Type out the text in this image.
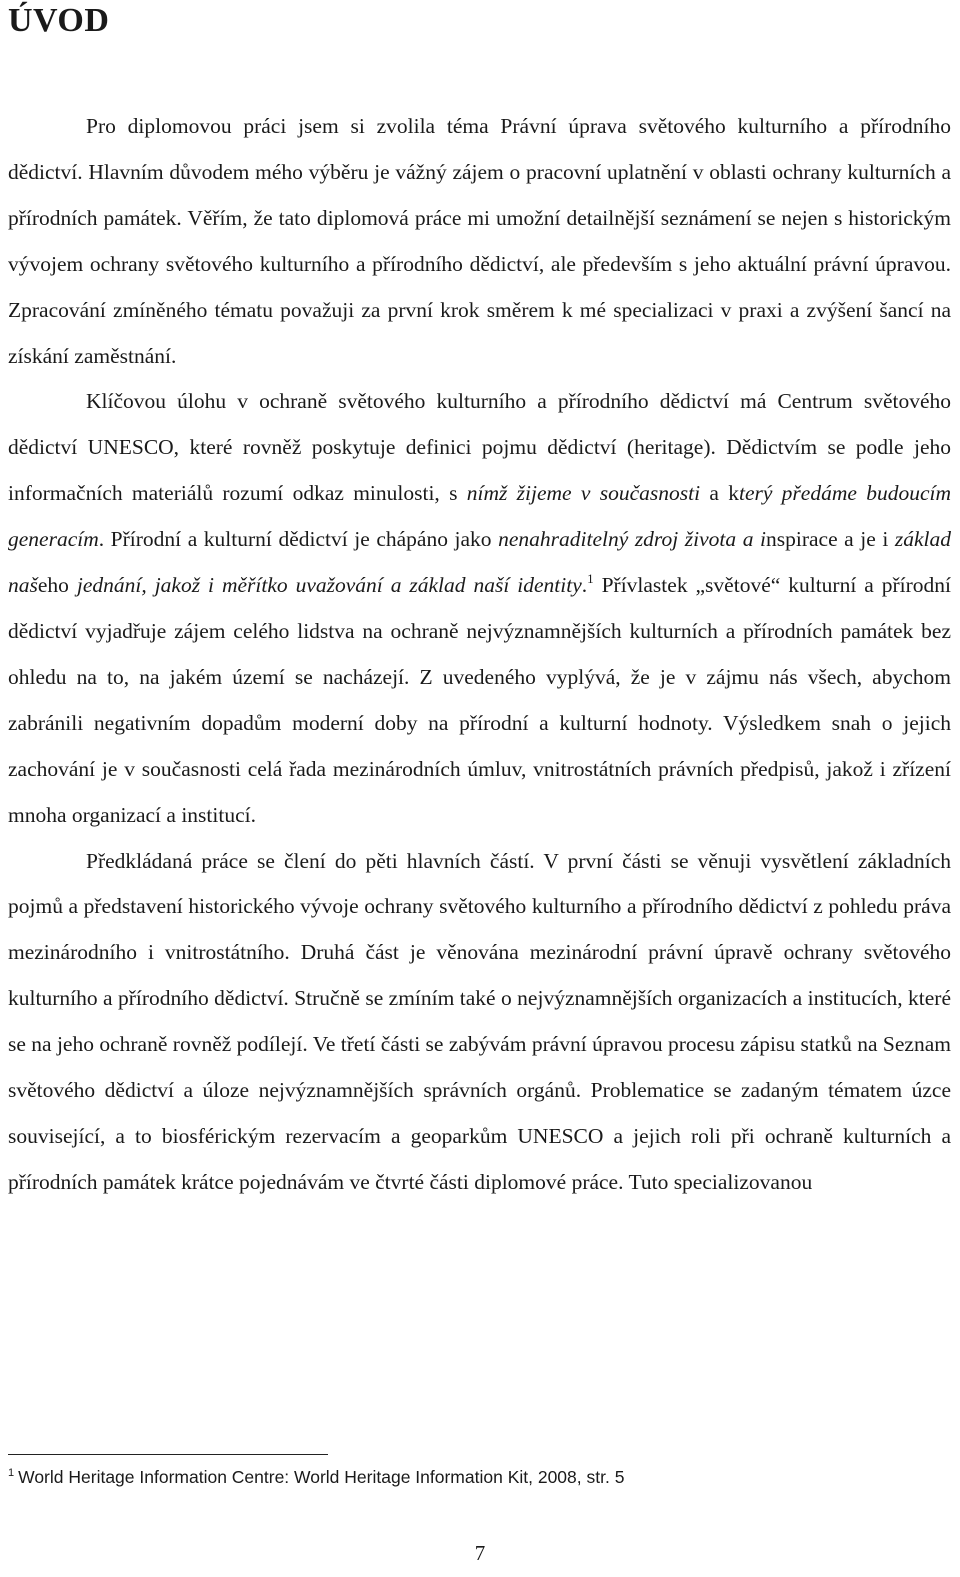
ÚVOD

Pro diplomovou práci jsem si zvolila téma Právní úprava světového kulturního a přírodního dědictví. Hlavním důvodem mého výběru je vážný zájem o pracovní uplatnění v oblasti ochrany kulturních a přírodních památek. Věřím, že tato diplomová práce mi umožní detailnější seznámení se nejen s historickým vývojem ochrany světového kulturního a přírodního dědictví, ale především s jeho aktuální právní úpravou. Zpracování zmíněného tématu považuji za první krok směrem k mé specializaci v praxi a zvýšení šancí na získání zaměstnání.

Klíčovou úlohu v ochraně světového kulturního a přírodního dědictví má Centrum světového dědictví UNESCO, které rovněž poskytuje definici pojmu dědictví (heritage). Dědictvím se podle jeho informačních materiálů rozumí odkaz minulosti, s nímž žijeme v současnosti a který předáme budoucím generacím. Přírodní a kulturní dědictví je chápáno jako nenahraditelný zdroj života a inspirace a je i základ našeho jednání, jakož i měřítko uvažování a základ naší identity.$^1$ Přívlastek „světové“ kulturní a přírodní dědictví vyjadřuje zájem celého lidstva na ochraně nejvýznamnějších kulturních a přírodních památek bez ohledu na to, na jakém území se nacházejí. Z uvedeného vyplývá, že je v zájmu nás všech, abychom zabránili negativním dopadům moderní doby na přírodní a kulturní hodnoty. Výsledkem snah o jejich zachování je v současnosti celá řada mezinárodních úmluv, vnitrostátních právních předpisů, jakož i zřízení mnoha organizací a institucí.

Předkládaná práce se člení do pěti hlavních částí. V první části se věnuji vysvětlení základních pojmů a představení historického vývoje ochrany světového kulturního a přírodního dědictví z pohledu práva mezinárodního i vnitrostátního. Druhá část je věnována mezinárodní právní úpravě ochrany světového kulturního a přírodního dědictví. Stručně se zmíním také o nejvýznamnějších organizacích a institucích, které se na jeho ochraně rovněž podílejí. Ve třetí části se zabývám právní úpravou procesu zápisu statků na Seznam světového dědictví a úloze nejvýznamnějších správních orgánů. Problematice se zadaným tématem úzce související, a to biosférickým rezervacím a geoparkům UNESCO a jejich roli při ochraně kulturních a přírodních památek krátce pojednávám ve čtvrté části diplomové práce. Tuto specializovanou

$^1$ World Heritage Information Centre: World Heritage Information Kit, 2008, str. 5
7
